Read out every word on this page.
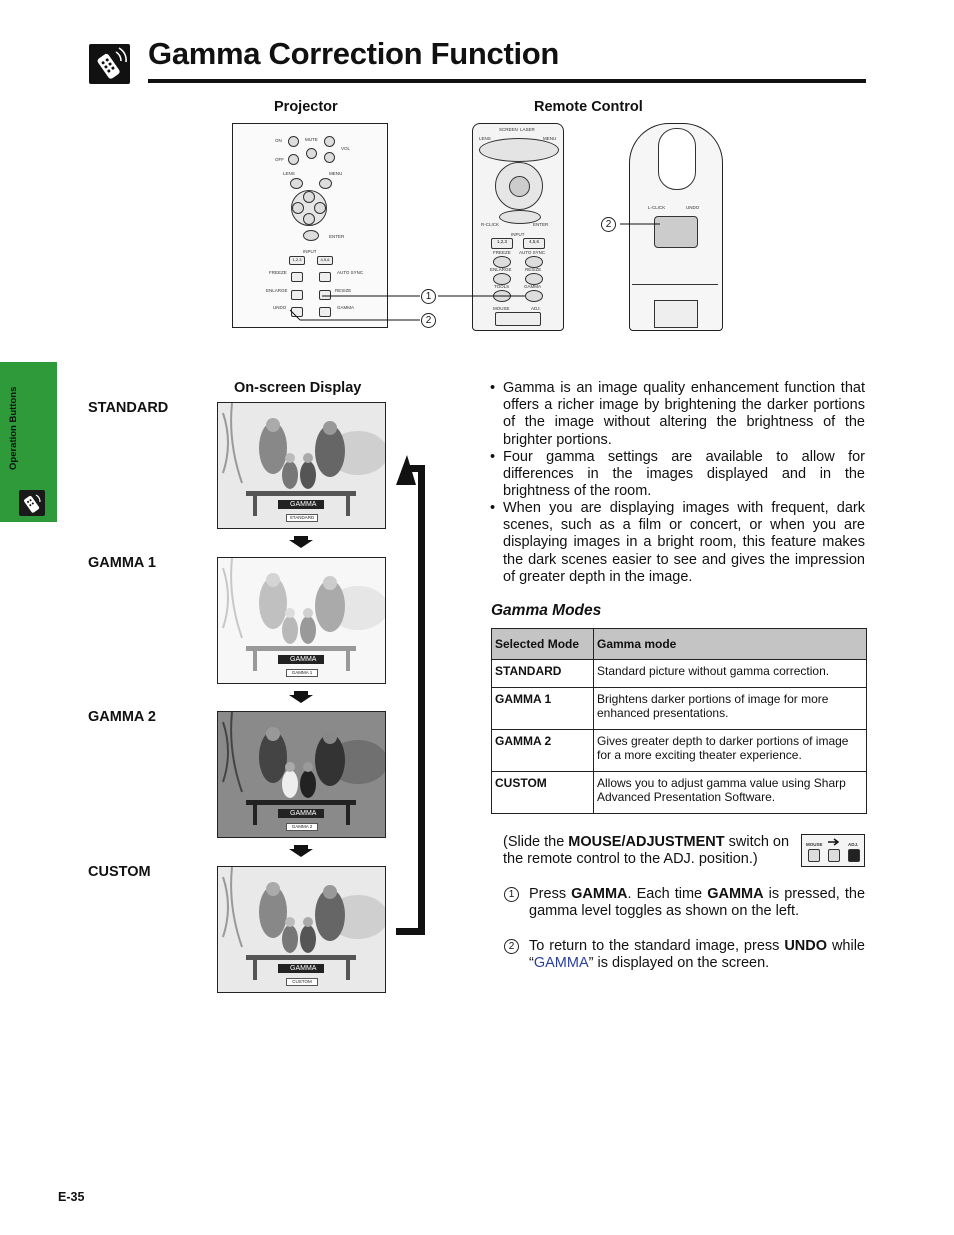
Gamma Correction Function
Operation Buttons
Projector	Remote Control
ON	MUTE
OFF
VOL
LENS	MENU
ENTER
INPUT
1,2,3	4,5,6
FREEZE	AUTO SYNC
ENLARGE	RESIZE
UNDO	GAMMA
SCREEN LASER
LENS	MENU
R-CLICK	ENTER
INPUT
1,2,3	4,5,6
FREEZE AUTO SYNC
ENLARGE	RESIZE
TOOLS	GAMMA
MOUSE	ADJ.
L-CLICK	UNDO
1
2
2
On-screen Display
STANDARD
GAMMA 1
GAMMA 2
CUSTOM
GAMMA
STANDARD
GAMMA
GAMMA 1
GAMMA
GAMMA 2
GAMMA
CUSTOM
• Gamma is an image quality enhancement function that offers a richer image by brightening the darker portions of the image without altering the brightness of the brighter portions.
• Four gamma settings are available to allow for differences in the images displayed and in the brightness of the room.
• When you are displaying images with frequent, dark scenes, such as a film or concert, or when you are displaying images in a bright room, this feature makes the dark scenes easier to see and gives the impression of greater depth in the image.
Gamma Modes
Selected Mode	Gamma mode
STANDARD	Standard picture without gamma correction.
GAMMA 1	Brightens darker portions of image for more enhanced presentations.
GAMMA 2	Gives greater depth to darker portions of image for a more exciting theater experience.
CUSTOM	Allows you to adjust gamma value using Sharp Advanced Presentation Software.
(Slide the MOUSE/ADJUSTMENT switch on the remote control to the ADJ. position.)
MOUSE	ADJ.
1	Press GAMMA. Each time GAMMA is pressed, the gamma level toggles as shown on the left.
2	To return to the standard image, press UNDO while “GAMMA” is displayed on the screen.
E-35
